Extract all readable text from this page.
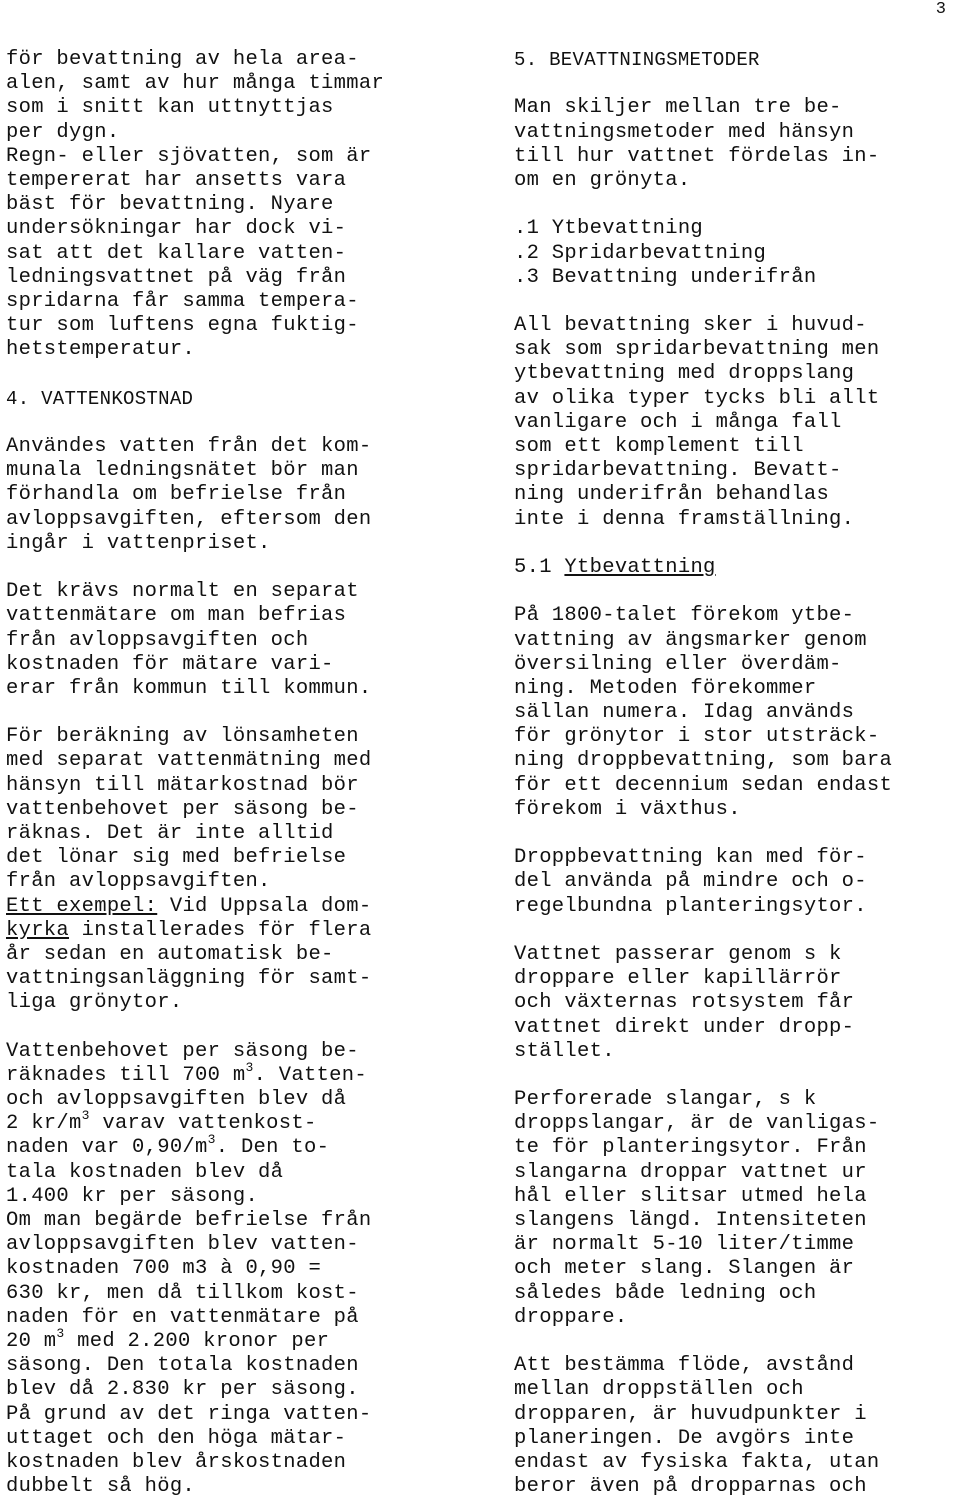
3
för bevattning av hela area-
alen, samt av hur många timmar
som i snitt kan uttnyttjas
per dygn.
Regn- eller sjövatten, som är
tempererat har ansetts vara
bäst för bevattning. Nyare
undersökningar har dock vi-
sat att det kallare vatten-
ledningsvattnet på väg från
spridarna får samma tempera-
tur som luftens egna fuktig-
hetstemperatur.
4. VATTENKOSTNAD
Användes vatten från det kom-
munala ledningsnätet bör man
förhandla om befrielse från
avloppsavgiften, eftersom den
ingår i vattenpriset.
Det krävs normalt en separat
vattenmätare om man befrias
från avloppsavgiften och
kostnaden för mätare vari-
erar från kommun till kommun.
För beräkning av lönsamheten
med separat vattenmätning med
hänsyn till mätarkostnad bör
vattenbehovet per säsong be-
räknas. Det är inte alltid
det lönar sig med befrielse
från avloppsavgiften.
Ett exempel: Vid Uppsala dom-
kyrka installerades för flera
år sedan en automatisk be-
vattningsanläggning för samt-
liga grönytor.
Vattenbehovet per säsong be-
räknades till 700 $m^3$. Vatten-
och avloppsavgiften blev då
2 $kr/m^3$ varav vattenkost-
naden var $0,90/m^3$. Den to-
tala kostnaden blev då
1.400 kr per säsong.
Om man begärde befrielse från
avloppsavgiften blev vatten-
kostnaden 700 m3 à 0,90 =
630 kr, men då tillkom kost-
naden för en vattenmätare på
20 $m^3$ med 2.200 kronor per
säsong. Den totala kostnaden
blev då 2.830 kr per säsong.
På grund av det ringa vatten-
uttaget och den höga mätar-
kostnaden blev årskostnaden
dubbelt så hög.
5. BEVATTNINGSMETODER
Man skiljer mellan tre be-
vattningsmetoder med hänsyn
till hur vattnet fördelas in-
om en grönyta.
.1 Ytbevattning
.2 Spridarbevattning
.3 Bevattning underifrån
All bevattning sker i huvud-
sak som spridarbevattning men
ytbevattning med droppslang
av olika typer tycks bli allt
vanligare och i många fall
som ett komplement till
spridarbevattning. Bevatt-
ning underifrån behandlas
inte i denna framställning.
5.1 Ytbevattning
På 1800-talet förekom ytbe-
vattning av ängsmarker genom
översilning eller överdäm-
ning. Metoden förekommer
sällan numera. Idag används
för grönytor i stor utsträck-
ning droppbevattning, som bara
för ett decennium sedan endast
förekom i växthus.
Droppbevattning kan med för-
del använda på mindre och o-
regelbundna planteringsytor.
Vattnet passerar genom s k
droppare eller kapillärrör
och växternas rotsystem får
vattnet direkt under dropp-
stället.
Perforerade slangar, s k
droppslangar, är de vanligas-
te för planteringsytor. Från
slangarna droppar vattnet ur
hål eller slitsar utmed hela
slangens längd. Intensiteten
är normalt 5-10 liter/timme
och meter slang. Slangen är
således både ledning och
droppare.
Att bestämma flöde, avstånd
mellan droppställen och
dropparen, är huvudpunkter i
planeringen. De avgörs inte
endast av fysiska fakta, utan
beror även på dropparnas och
